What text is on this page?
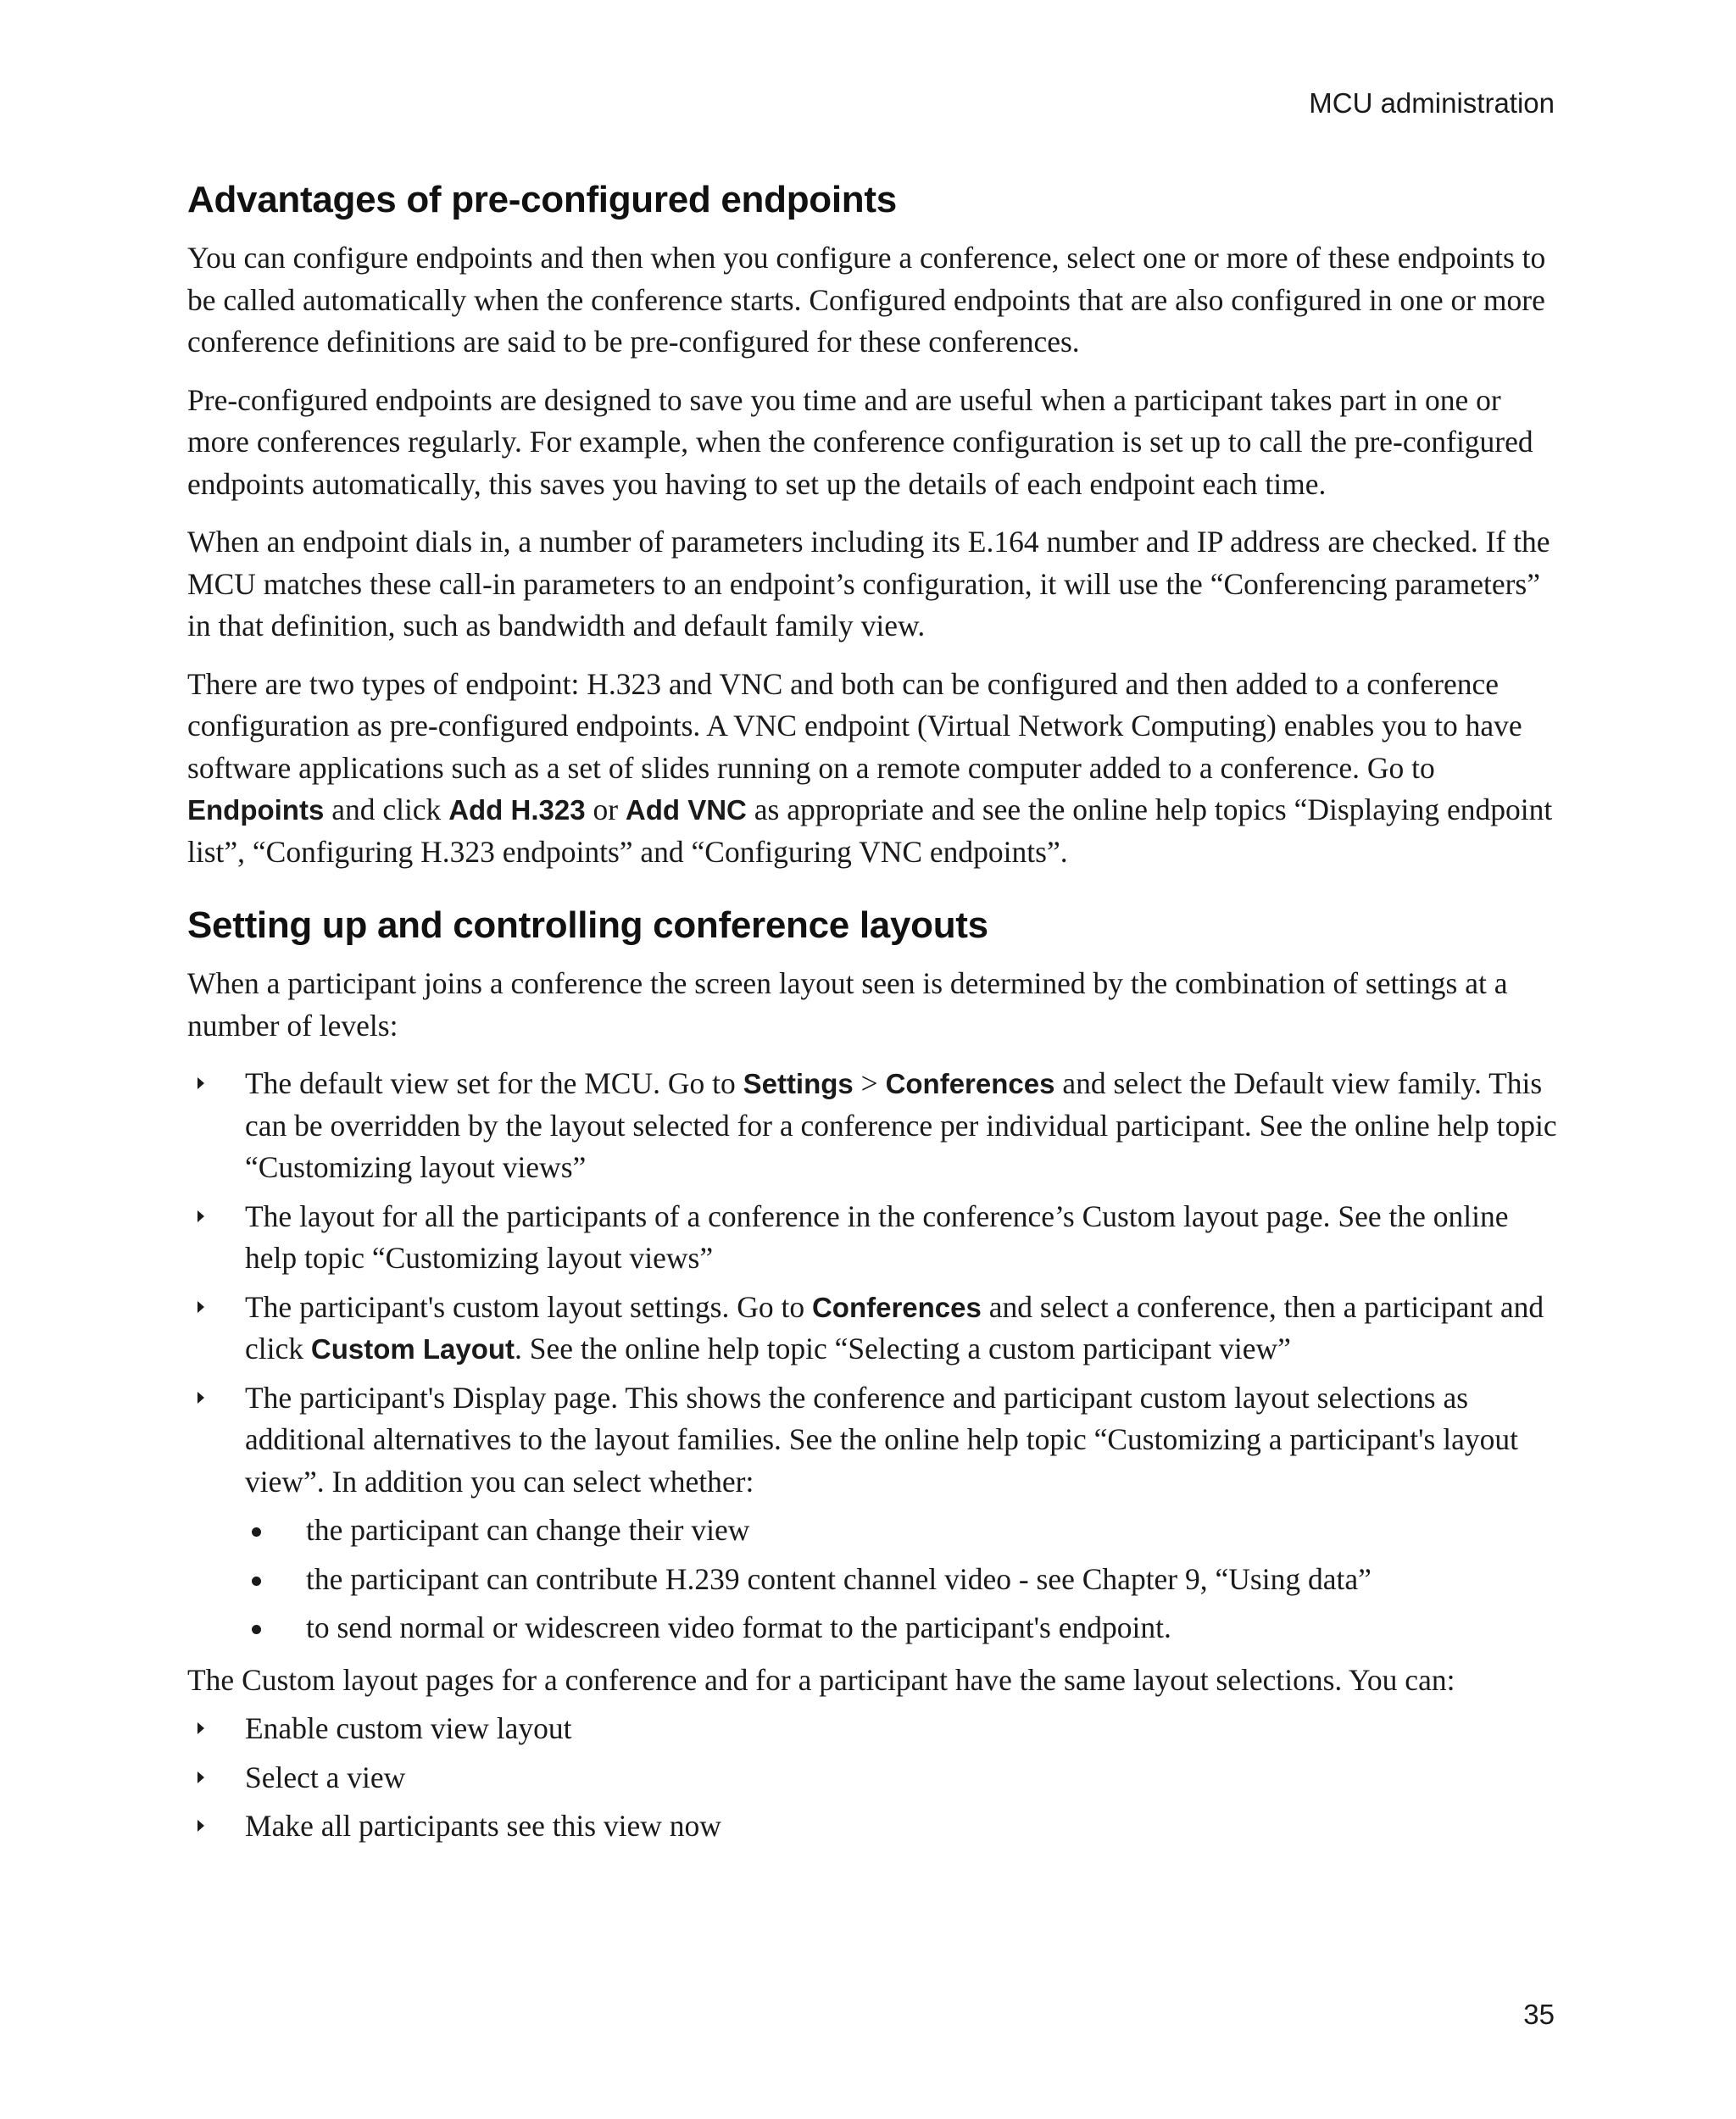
MCU administration
Advantages of pre-configured endpoints

You can configure endpoints and then when you configure a conference, select one or more of these endpoints to be called automatically when the conference starts. Configured endpoints that are also configured in one or more conference definitions are said to be pre-configured for these conferences.

Pre-configured endpoints are designed to save you time and are useful when a participant takes part in one or more conferences regularly. For example, when the conference configuration is set up to call the pre-configured endpoints automatically, this saves you having to set up the details of each endpoint each time.

When an endpoint dials in, a number of parameters including its E.164 number and IP address are checked. If the MCU matches these call-in parameters to an endpoint’s configuration, it will use the “Conferencing parameters” in that definition, such as bandwidth and default family view.

There are two types of endpoint: H.323 and VNC and both can be configured and then added to a conference configuration as pre-configured endpoints. A VNC endpoint (Virtual Network Computing) enables you to have software applications such as a set of slides running on a remote computer added to a conference. Go to Endpoints and click Add H.323 or Add VNC as appropriate and see the online help topics “Displaying endpoint list”, “Configuring H.323 endpoints” and “Configuring VNC endpoints”.

Setting up and controlling conference layouts

When a participant joins a conference the screen layout seen is determined by the combination of settings at a number of levels:

The default view set for the MCU. Go to Settings > Conferences and select the Default view family. This can be overridden by the layout selected for a conference per individual participant. See the online help topic “Customizing layout views”
The layout for all the participants of a conference in the conference’s Custom layout page. See the online help topic “Customizing layout views”
The participant's custom layout settings. Go to Conferences and select a conference, then a participant and click Custom Layout. See the online help topic “Selecting a custom participant view”
The participant's Display page. This shows the conference and participant custom layout selections as additional alternatives to the layout families. See the online help topic “Customizing a participant's layout view”. In addition you can select whether:
the participant can change their view
the participant can contribute H.239 content channel video - see Chapter 9, “Using data”
to send normal or widescreen video format to the participant's endpoint.

The Custom layout pages for a conference and for a participant have the same layout selections. You can:

Enable custom view layout
Select a view
Make all participants see this view now
35
